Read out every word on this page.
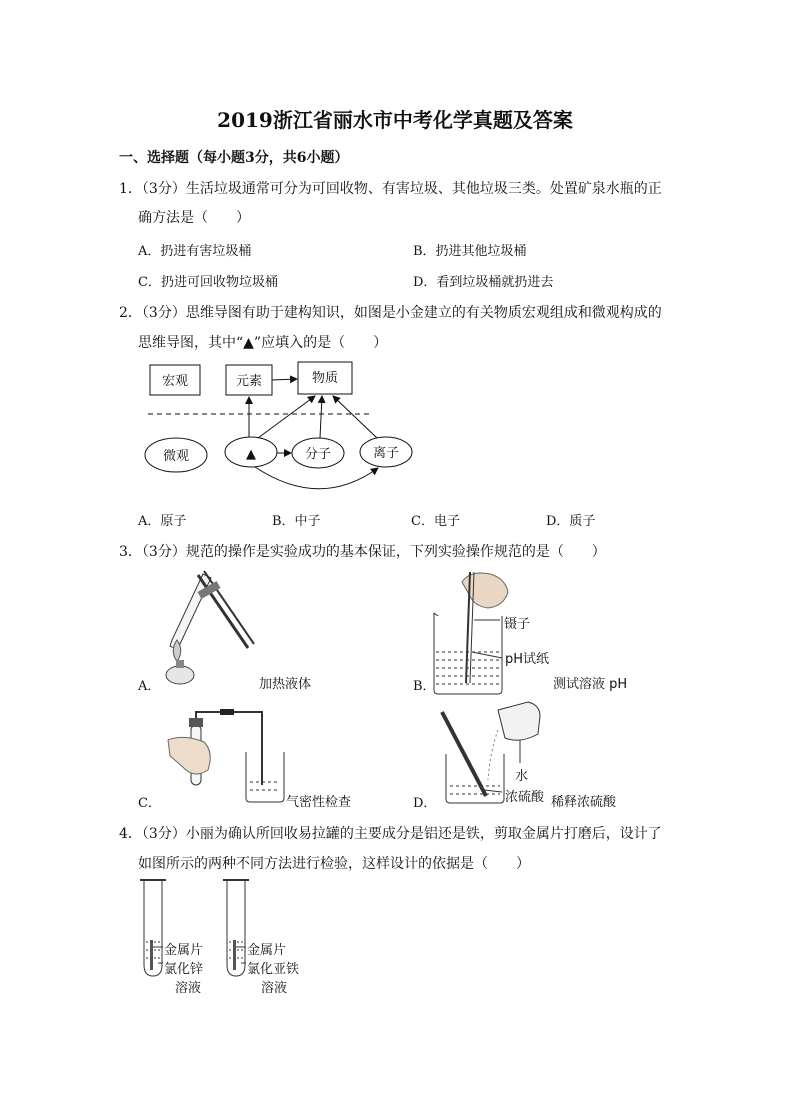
2019浙江省丽水市中考化学真题及答案
一、选择题（每小题3分，共6小题）
1．（3分）生活垃圾通常可分为可回收物、有害垃圾、其他垃圾三类。处置矿泉水瓶的正
确方法是（　　）
A．扔进有害垃圾桶	B．扔进其他垃圾桶
C．扔进可回收物垃圾桶	D．看到垃圾桶就扔进去
2．（3分）思维导图有助于建构知识，如图是小金建立的有关物质宏观组成和微观构成的
思维导图，其中“▲”应填入的是（　　）
宏观	元素	物质
微观	▲	分子	离子
A．原子	B．中子	C．电子	D．质子
3．（3分）规范的操作是实验成功的基本保证，下列实验操作规范的是（　　）
A．	加热液体
镊子
pH试纸
B．	测试溶液 pH
C．	气密性检查
水
浓硫酸
D．	稀释浓硫酸
4．（3分）小丽为确认所回收易拉罐的主要成分是铝还是铁，剪取金属片打磨后，设计了
如图所示的两种不同方法进行检验，这样设计的依据是（　　）
金属片
氯化锌
溶液
金属片
氯化亚铁
溶液
